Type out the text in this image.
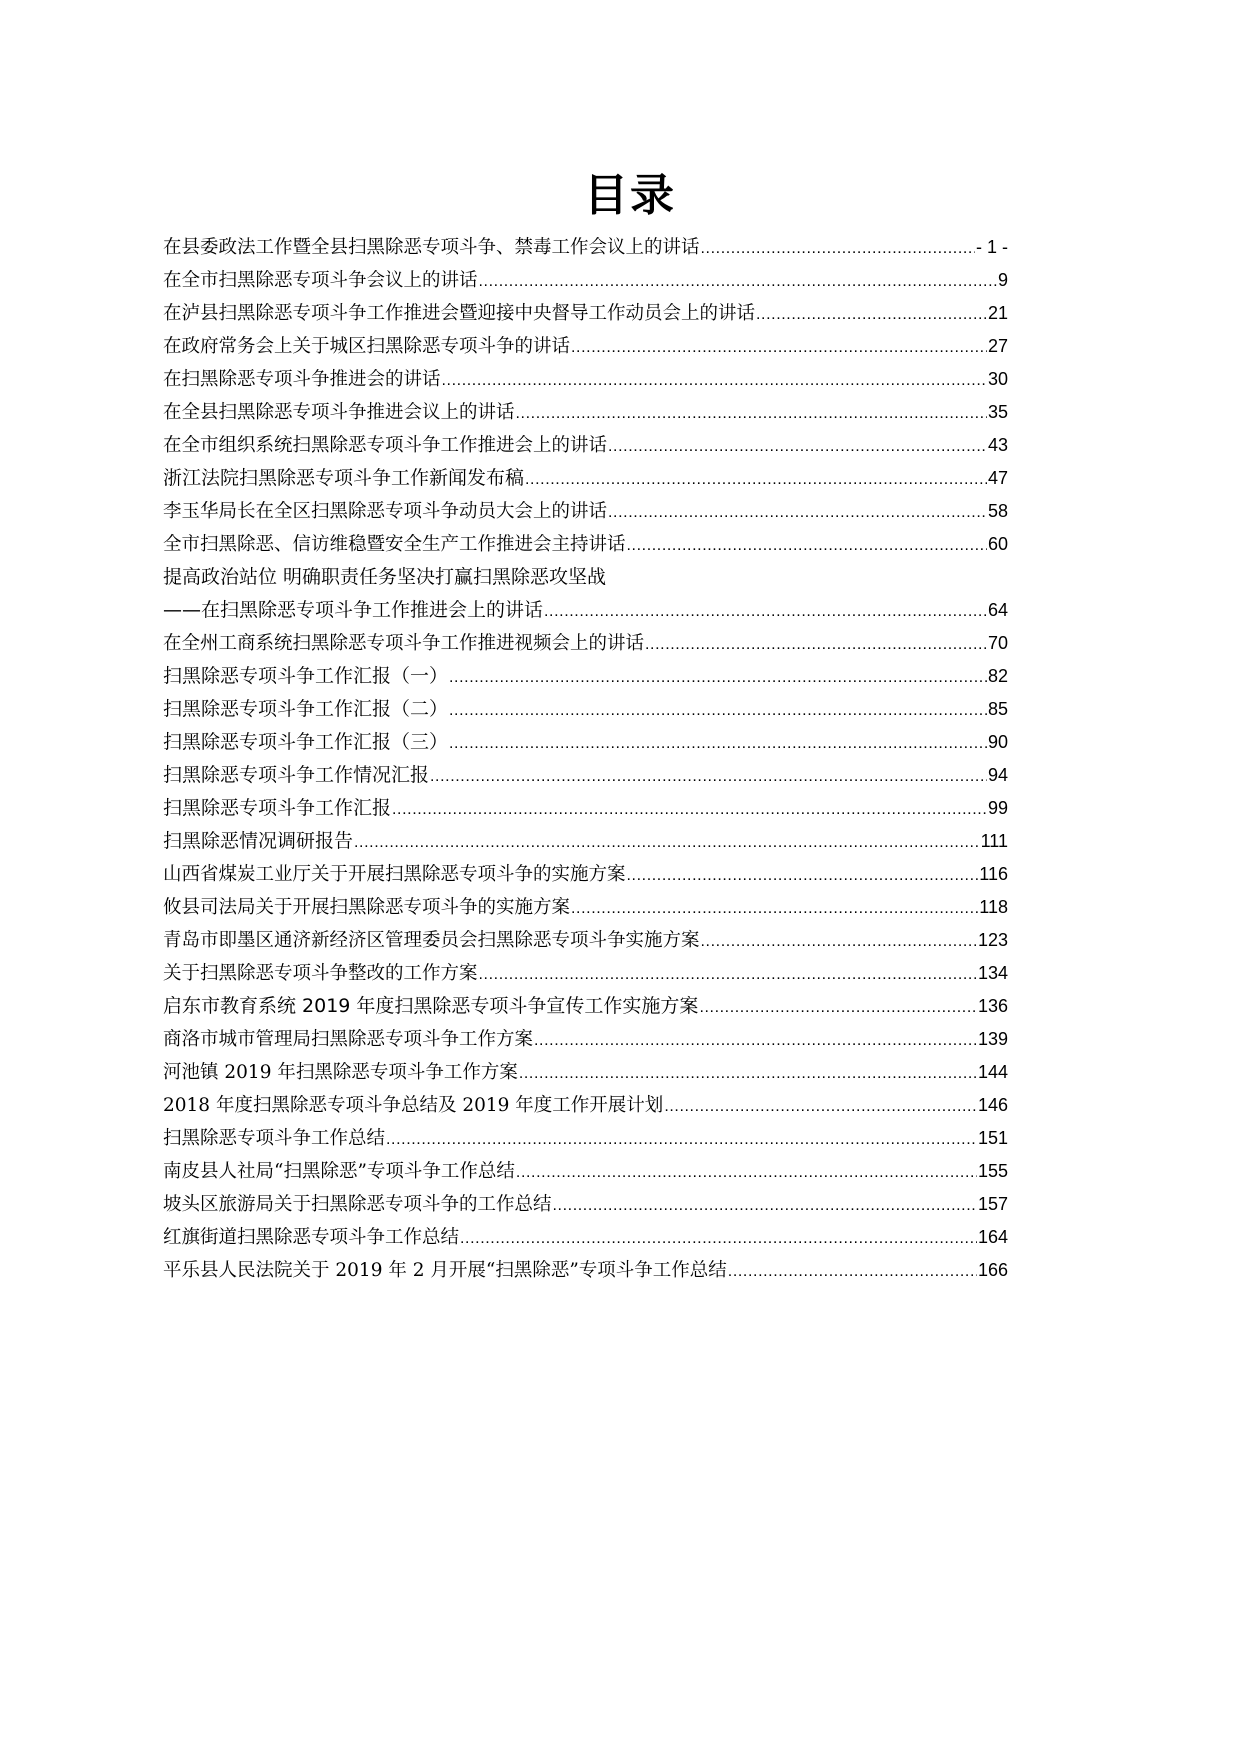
目录
在县委政法工作暨全县扫黑除恶专项斗争、禁毒工作会议上的讲话 .....	- 1 -
在全市扫黑除恶专项斗争会议上的讲话 .....	9
在泸县扫黑除恶专项斗争工作推进会暨迎接中央督导工作动员会上的讲话 .....	21
在政府常务会上关于城区扫黑除恶专项斗争的讲话 .....	27
在扫黑除恶专项斗争推进会的讲话 .....	30
在全县扫黑除恶专项斗争推进会议上的讲话 .....	35
在全市组织系统扫黑除恶专项斗争工作推进会上的讲话 .....	43
浙江法院扫黑除恶专项斗争工作新闻发布稿 .....	47
李玉华局长在全区扫黑除恶专项斗争动员大会上的讲话 .....	58
全市扫黑除恶、信访维稳暨安全生产工作推进会主持讲话 .....	60
提高政治站位 明确职责任务坚决打赢扫黑除恶攻坚战
——在扫黑除恶专项斗争工作推进会上的讲话 .....	64
在全州工商系统扫黑除恶专项斗争工作推进视频会上的讲话 .....	70
扫黑除恶专项斗争工作汇报（一） .....	82
扫黑除恶专项斗争工作汇报（二） .....	85
扫黑除恶专项斗争工作汇报（三） .....	90
扫黑除恶专项斗争工作情况汇报 .....	94
扫黑除恶专项斗争工作汇报 .....	99
扫黑除恶情况调研报告 .....	111
山西省煤炭工业厅关于开展扫黑除恶专项斗争的实施方案 .....	116
攸县司法局关于开展扫黑除恶专项斗争的实施方案 .....	118
青岛市即墨区通济新经济区管理委员会扫黑除恶专项斗争实施方案 .....	123
关于扫黑除恶专项斗争整改的工作方案 .....	134
启东市教育系统 2019 年度扫黑除恶专项斗争宣传工作实施方案 .....	136
商洛市城市管理局扫黑除恶专项斗争工作方案 .....	139
河池镇 2019 年扫黑除恶专项斗争工作方案 .....	144
2018 年度扫黑除恶专项斗争总结及 2019 年度工作开展计划 .....	146
扫黑除恶专项斗争工作总结 .....	151
南皮县人社局“扫黑除恶”专项斗争工作总结 .....	155
坡头区旅游局关于扫黑除恶专项斗争的工作总结 .....	157
红旗街道扫黑除恶专项斗争工作总结 .....	164
平乐县人民法院关于 2019 年 2 月开展“扫黑除恶”专项斗争工作总结 .....	166
